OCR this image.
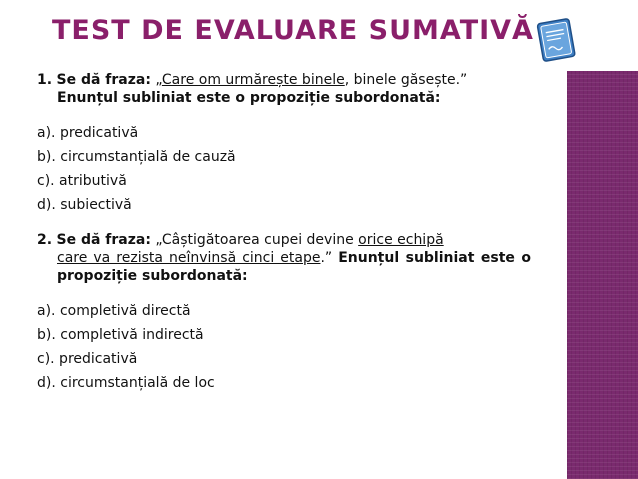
TEST DE EVALUARE SUMATIVĂ
1. Se dă fraza: „Care om urmărește binele, binele găsește.”
Enunțul subliniat este o propoziție subordonată:
a). predicativă
b). circumstanțială de cauză
c). atributivă
d). subiectivă
2. Se dă fraza: „Câștigătoarea cupei devine orice echipă
care va rezista neînvinsă cinci etape.” Enunțul subliniat este o propoziție subordonată:
a). completivă directă
b). completivă indirectă
c). predicativă
d). circumstanțială de loc
